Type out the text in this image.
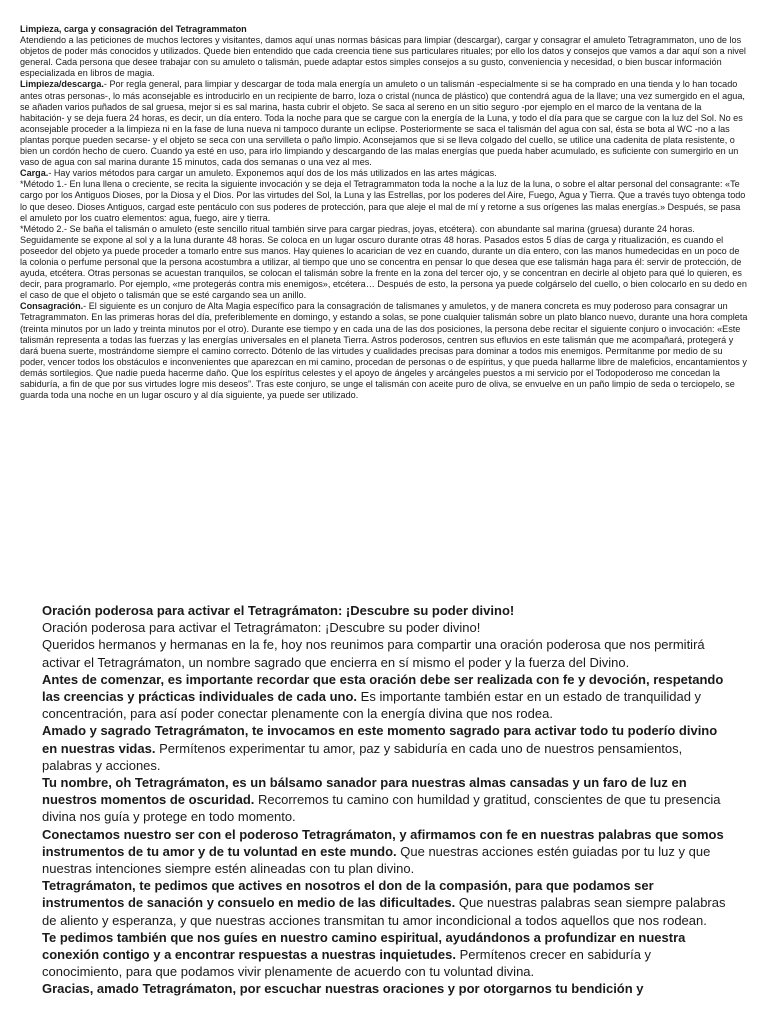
Limpieza, carga y consagración del Tetragrammaton

Atendiendo a las peticiones de muchos lectores y visitantes, damos aquí unas normas básicas para limpiar (descargar), cargar y consagrar el amuleto Tetragrammaton, uno de los objetos de poder más conocidos y utilizados. Quede bien entendido que cada creencia tiene sus particulares rituales; por ello los datos y consejos que vamos a dar aquí son a nivel general. Cada persona que desee trabajar con su amuleto o talismán, puede adaptar estos simples consejos a su gusto, conveniencia y necesidad, o bien buscar información especializada en libros de magia.

Limpieza/descarga.- Por regla general, para limpiar y descargar de toda mala energía un amuleto o un talismán -especialmente si se ha comprado en una tienda y lo han tocado antes otras personas-, lo más aconsejable es introducirlo en un recipiente de barro, loza o cristal (nunca de plástico) que contendrá agua de la llave; una vez sumergido en el agua, se añaden varios puñados de sal gruesa, mejor si es sal marina, hasta cubrir el objeto. Se saca al sereno en un sitio seguro -por ejemplo en el marco de la ventana de la habitación- y se deja fuera 24 horas, es decir, un día entero. Toda la noche para que se cargue con la energía de la Luna, y todo el día para que se cargue con la luz del Sol. No es aconsejable proceder a la limpieza ni en la fase de luna nueva ni tampoco durante un eclipse. Posteriormente se saca el talismán del agua con sal, ésta se bota al WC -no a las plantas porque pueden secarse- y el objeto se seca con una servilleta o paño limpio. Aconsejamos que si se lleva colgado del cuello, se utilice una cadenita de plata resistente, o bien un cordón hecho de cuero. Cuando ya esté en uso, para irlo limpiando y descargando de las malas energías que pueda haber acumulado, es suficiente con sumergirlo en un vaso de agua con sal marina durante 15 minutos, cada dos semanas o una vez al mes.

Carga.- Hay varios métodos para cargar un amuleto. Exponemos aquí dos de los más utilizados en las artes mágicas.

*Método 1.- En luna llena o creciente, se recita la siguiente invocación y se deja el Tetragrammaton toda la noche a la luz de la luna, o sobre el altar personal del consagrante: «Te cargo por los Antiguos Dioses, por la Diosa y el Dios. Por las virtudes del Sol, la Luna y las Estrellas, por los poderes del Aire, Fuego, Agua y Tierra. Que a través tuyo obtenga todo lo que deseo. Dioses Antiguos, cargad este pentáculo con sus poderes de protección, para que aleje el mal de mí y retorne a sus orígenes las malas energías.» Después, se pasa el amuleto por los cuatro elementos: agua, fuego, aire y tierra.

*Método 2.- Se baña el talismán o amuleto (este sencillo ritual también sirve para cargar piedras, joyas, etcétera). con abundante sal marina (gruesa) durante 24 horas. Seguidamente se expone al sol y a la luna durante 48 horas. Se coloca en un lugar oscuro durante otras 48 horas. Pasados estos 5 días de carga y ritualización, es cuando el poseedor del objeto ya puede proceder a tomarlo entre sus manos. Hay quienes lo acarician de vez en cuando, durante un día entero, con las manos humedecidas en un poco de la colonia o perfume personal que la persona acostumbra a utilizar, al tiempo que uno se concentra en pensar lo que desea que ese talismán haga para él: servir de protección, de ayuda, etcétera. Otras personas se acuestan tranquilos, se colocan el talismán sobre la frente en la zona del tercer ojo, y se concentran en decirle al objeto para qué lo quieren, es decir, para programarlo. Por ejemplo, «me protegerás contra mis enemigos», etcétera… Después de esto, la persona ya puede colgárselo del cuello, o bien colocarlo en su dedo en el caso de que el objeto o talismán que se esté cargando sea un anillo.

Consagración.- El siguiente es un conjuro de Alta Magia específico para la consagración de talismanes y amuletos, y de manera concreta es muy poderoso para consagrar un Tetragrammaton. En las primeras horas del día, preferiblemente en domingo, y estando a solas, se pone cualquier talismán sobre un plato blanco nuevo, durante una hora completa (treinta minutos por un lado y treinta minutos por el otro). Durante ese tiempo y en cada una de las dos posiciones, la persona debe recitar el siguiente conjuro o invocación: «Este talismán representa a todas las fuerzas y las energías universales en el planeta Tierra. Astros poderosos, centren sus efluvios en este talismán que me acompañará, protegerá y dará buena suerte, mostrándome siempre el camino correcto. Dótenlo de las virtudes y cualidades precisas para dominar a todos mis enemigos. Permítanme por medio de su poder, vencer todos los obstáculos e inconvenientes que aparezcan en mi camino, procedan de personas o de espíritus, y que pueda hallarme libre de maleficios, encantamientos y demás sortilegios. Que nadie pueda hacerme daño. Que los espíritus celestes y el apoyo de ángeles y arcángeles puestos a mi servicio por el Todopoderoso me concedan la sabiduría, a fin de que por sus virtudes logre mis deseos”. Tras este conjuro, se unge el talismán con aceite puro de oliva, se envuelve en un paño limpio de seda o terciopelo, se guarda toda una noche en un lugar oscuro y al día siguiente, ya puede ser utilizado.

Oración poderosa para activar el Tetragrámaton: ¡Descubre su poder divino!

Oración poderosa para activar el Tetragrámaton: ¡Descubre su poder divino!

Queridos hermanos y hermanas en la fe, hoy nos reunimos para compartir una oración poderosa que nos permitirá activar el Tetragrámaton, un nombre sagrado que encierra en sí mismo el poder y la fuerza del Divino.

Antes de comenzar, es importante recordar que esta oración debe ser realizada con fe y devoción, respetando las creencias y prácticas individuales de cada uno. Es importante también estar en un estado de tranquilidad y concentración, para así poder conectar plenamente con la energía divina que nos rodea.

Amado y sagrado Tetragrámaton, te invocamos en este momento sagrado para activar todo tu poderío divino en nuestras vidas. Permítenos experimentar tu amor, paz y sabiduría en cada uno de nuestros pensamientos, palabras y acciones.

Tu nombre, oh Tetragrámaton, es un bálsamo sanador para nuestras almas cansadas y un faro de luz en nuestros momentos de oscuridad. Recorremos tu camino con humildad y gratitud, conscientes de que tu presencia divina nos guía y protege en todo momento.

Conectamos nuestro ser con el poderoso Tetragrámaton, y afirmamos con fe en nuestras palabras que somos instrumentos de tu amor y de tu voluntad en este mundo. Que nuestras acciones estén guiadas por tu luz y que nuestras intenciones siempre estén alineadas con tu plan divino.

Tetragrámaton, te pedimos que actives en nosotros el don de la compasión, para que podamos ser instrumentos de sanación y consuelo en medio de las dificultades. Que nuestras palabras sean siempre palabras de aliento y esperanza, y que nuestras acciones transmitan tu amor incondicional a todos aquellos que nos rodean.

Te pedimos también que nos guíes en nuestro camino espiritual, ayudándonos a profundizar en nuestra conexión contigo y a encontrar respuestas a nuestras inquietudes. Permítenos crecer en sabiduría y conocimiento, para que podamos vivir plenamente de acuerdo con tu voluntad divina.

Gracias, amado Tetragrámaton, por escuchar nuestras oraciones y por otorgarnos tu bendición y
